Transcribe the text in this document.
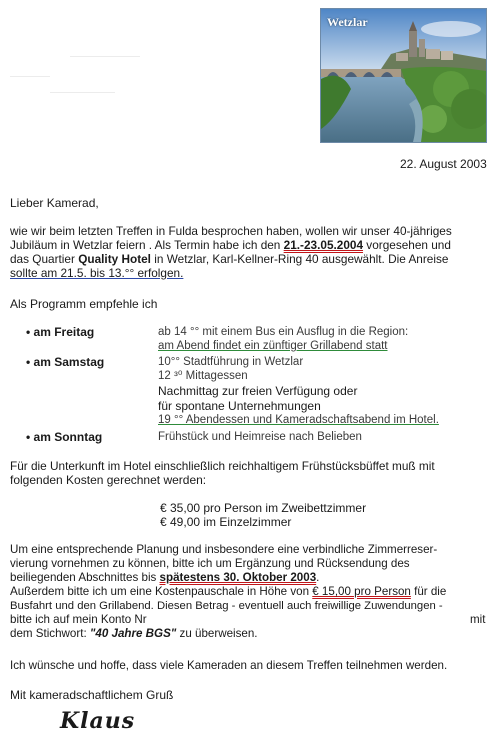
Wetzlar
22. August 2003
Lieber Kamerad,
wie wir beim letzten Treffen in Fulda besprochen haben, wollen wir unser 40-jähriges
Jubiläum in Wetzlar feiern . Als Termin habe ich den 21.-23.05.2004 vorgesehen und
das Quartier Quality Hotel in Wetzlar, Karl-Kellner-Ring 40 ausgewählt. Die Anreise
sollte am 21.5. bis 13.°° erfolgen.
Als Programm empfehle ich
• am Freitag	ab 14 °° mit einem Bus ein Ausflug in die Region:
am Abend findet ein zünftiger Grillabend statt
• am Samstag	10°° Stadtführung in Wetzlar
12 ³⁰ Mittagessen
Nachmittag zur freien Verfügung oder
für spontane Unternehmungen
19 °° Abendessen und Kameradschaftsabend im Hotel.
• am Sonntag	Frühstück und Heimreise nach Belieben
Für die Unterkunft im Hotel einschließlich reichhaltigem Frühstücksbüffet muß mit
folgenden Kosten gerechnet werden:
€ 35,00 pro Person im Zweibettzimmer
€ 49,00 im Einzelzimmer
Um eine entsprechende Planung und insbesondere eine verbindliche Zimmerreser-
vierung vornehmen zu können, bitte ich um Ergänzung und Rücksendung des
beiliegenden Abschnittes bis spätestens 30. Oktober 2003.
Außerdem bitte ich um eine Kostenpauschale in Höhe von € 15,00 pro Person für die
Busfahrt und den Grillabend. Diesen Betrag - eventuell auch freiwillige Zuwendungen -
bitte ich auf mein Konto Nr	mit
dem Stichwort: "40 Jahre BGS" zu überweisen.
Ich wünsche und hoffe, dass viele Kameraden an diesem Treffen teilnehmen werden.
Mit kameradschaftlichem Gruß
Klaus
